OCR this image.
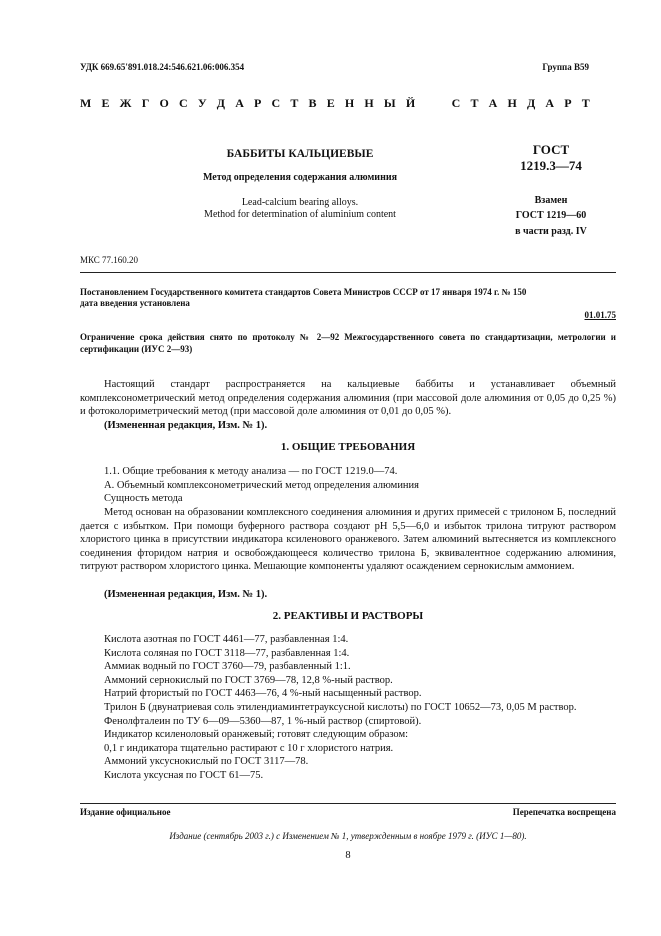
УДК 669.65'891.018.24:546.621.06:006.354	Группа В59
М Е Ж Г О С У Д А Р С Т В Е Н Н Ы Й

	С Т А Н Д А Р Т
БАББИТЫ КАЛЬЦИЕВЫЕ
Метод определения содержания алюминия
Lead-calcium bearing alloys.
Method for determination of aluminium content
ГОСТ
1219.3—74
Взамен
ГОСТ 1219—60
в части разд. IV
МКС 77.160.20
Постановлением Государственного комитета стандартов Совета Министров СССР от 17 января 1974 г. № 150
дата введения установлена
01.01.75
Ограничение срока действия снято по протоколу № 2—92 Межгосударственного совета по стандартизации, метрологии и сертификации (ИУС 2—93)
Настоящий стандарт распространяется на кальциевые баббиты и устанавливает объемный комплексонометрический метод определения содержания алюминия (при массовой доле алюминия от 0,05 до 0,25 %) и фотоколориметрический метод (при массовой доле алюминия от 0,01 до 0,05 %).
(Измененная редакция, Изм. № 1).
1. ОБЩИЕ ТРЕБОВАНИЯ
1.1. Общие требования к методу анализа — по ГОСТ 1219.0—74.
А. Объемный комплексонометрический метод определения алюминия
Сущность метода
Метод основан на образовании комплексного соединения алюминия и других примесей с трилоном Б, последний дается с избытком. При помощи буферного раствора создают рН 5,5—6,0 и избыток трилона титруют раствором хлористого цинка в присутствии индикатора ксиленового оранжевого. Затем алюминий вытесняется из комплексного соединения фторидом натрия и освобождающееся количество трилона Б, эквивалентное содержанию алюминия, титруют раствором хлористого цинка. Мешающие компоненты удаляют осаждением сернокислым аммонием.
(Измененная редакция, Изм. № 1).
2. РЕАКТИВЫ И РАСТВОРЫ
Кислота азотная по ГОСТ 4461—77, разбавленная 1:4.
Кислота соляная по ГОСТ 3118—77, разбавленная 1:4.
Аммиак водный по ГОСТ 3760—79, разбавленный 1:1.
Аммоний сернокислый по ГОСТ 3769—78, 12,8 %-ный раствор.
Натрий фтористый по ГОСТ 4463—76, 4 %-ный насыщенный раствор.
Трилон Б (двунатриевая соль этилендиаминтетрауксусной кислоты) по ГОСТ 10652—73, 0,05 М раствор.
Фенолфталеин по ТУ 6—09—5360—87, 1 %-ный раствор (спиртовой).
Индикатор ксиленоловый оранжевый; готовят следующим образом:
0,1 г индикатора тщательно растирают с 10 г хлористого натрия.
Аммоний уксуснокислый по ГОСТ 3117—78.
Кислота уксусная по ГОСТ 61—75.
Издание официальное	Перепечатка воспрещена
Издание (сентябрь 2003 г.) с Изменением № 1, утвержденным в ноябре 1979 г. (ИУС 1—80).
8
